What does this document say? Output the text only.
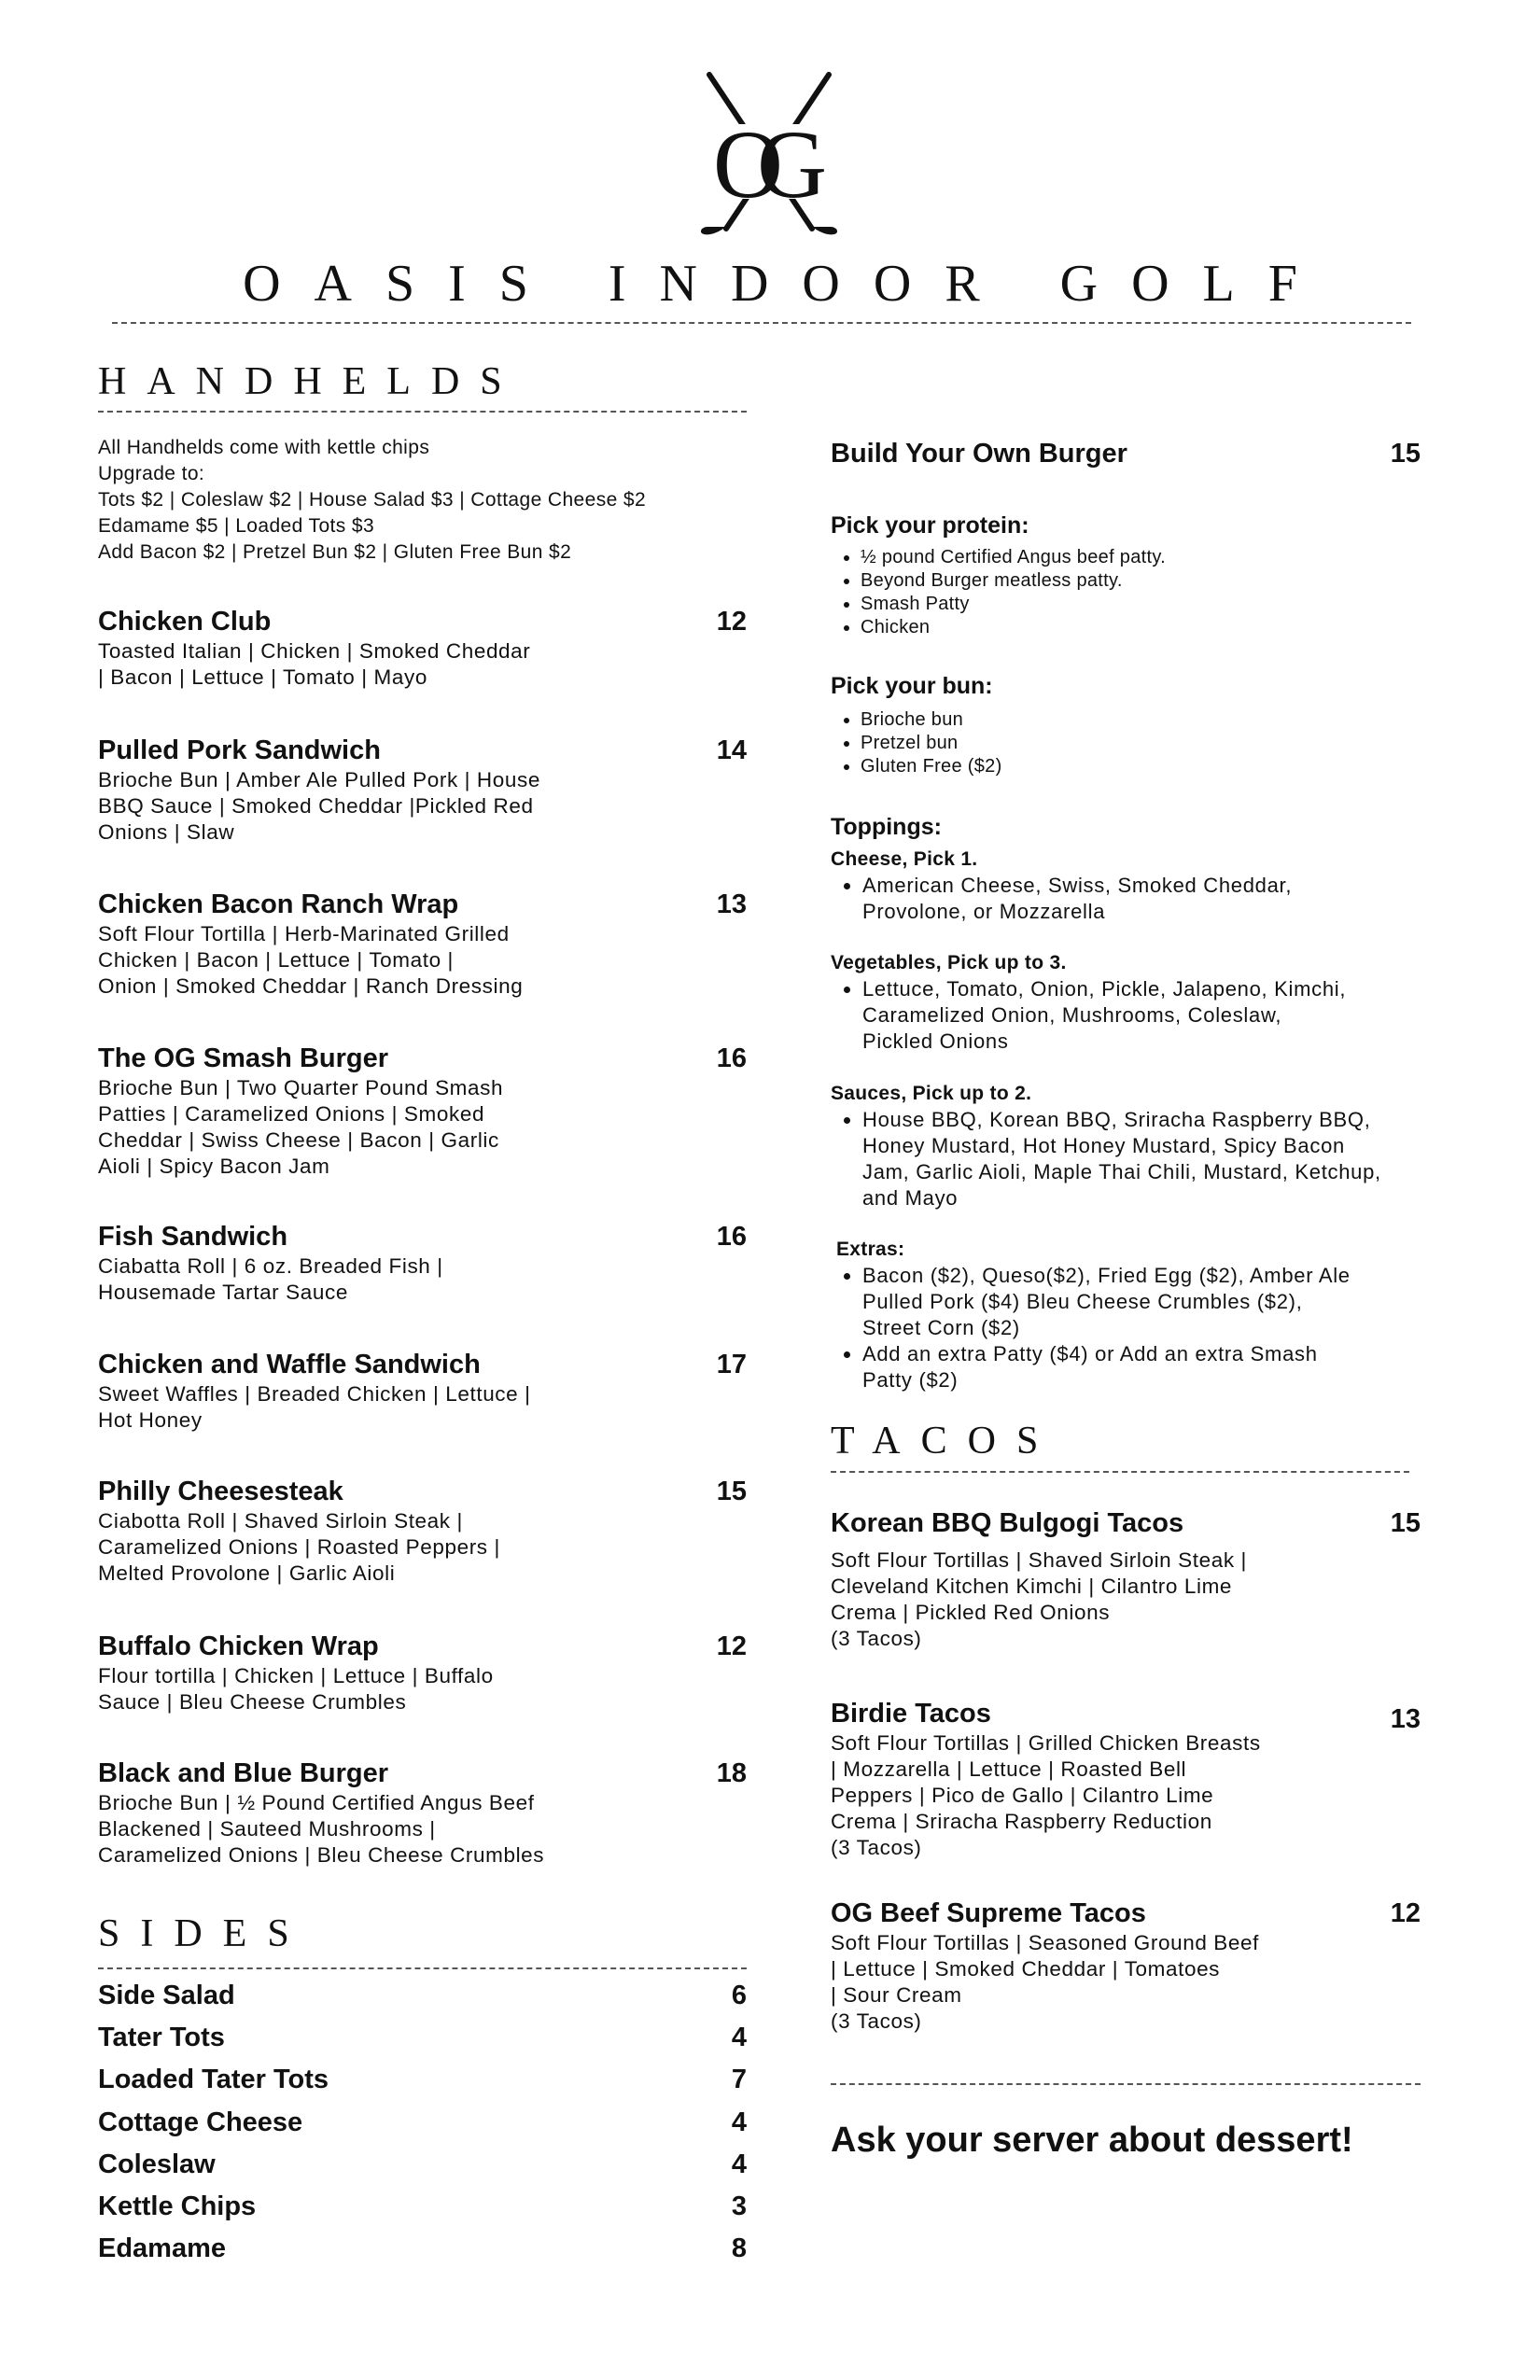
OG
OASIS INDOOR GOLF
HANDHELDS
All Handhelds come with kettle chips
Upgrade to:
Tots $2 | Coleslaw $2 | House Salad $3 | Cottage Cheese $2
Edamame $5 | Loaded Tots $3
Add Bacon $2 | Pretzel Bun $2 | Gluten Free Bun $2
Chicken Club	12
Toasted Italian | Chicken | Smoked Cheddar
| Bacon | Lettuce | Tomato | Mayo
Pulled Pork Sandwich	14
Brioche Bun | Amber Ale Pulled Pork | House
BBQ Sauce | Smoked Cheddar |Pickled Red
Onions | Slaw
Chicken Bacon Ranch Wrap	13
Soft Flour Tortilla | Herb-Marinated Grilled
Chicken | Bacon | Lettuce | Tomato |
Onion | Smoked Cheddar | Ranch Dressing
The OG Smash Burger	16
Brioche Bun | Two Quarter Pound Smash
Patties | Caramelized Onions | Smoked
Cheddar | Swiss Cheese | Bacon | Garlic
Aioli | Spicy Bacon Jam
Fish Sandwich	16
Ciabatta Roll | 6 oz. Breaded Fish |
Housemade Tartar Sauce
Chicken and Waffle Sandwich	17
Sweet Waffles | Breaded Chicken | Lettuce |
Hot Honey
Philly Cheesesteak	15
Ciabotta Roll | Shaved Sirloin Steak |
Caramelized Onions | Roasted Peppers |
Melted Provolone | Garlic Aioli
Buffalo Chicken Wrap	12
Flour tortilla | Chicken | Lettuce | Buffalo
Sauce | Bleu Cheese Crumbles
Black and Blue Burger	18
Brioche Bun | ½ Pound Certified Angus Beef
Blackened | Sauteed Mushrooms |
Caramelized Onions | Bleu Cheese Crumbles
SIDES
Side Salad	6
Tater Tots	4
Loaded Tater Tots	7
Cottage Cheese	4
Coleslaw	4
Kettle Chips	3
Edamame	8
Build Your Own Burger	15
Pick your protein:
• ½ pound Certified Angus beef patty.
• Beyond Burger meatless patty.
• Smash Patty
• Chicken
Pick your bun:
• Brioche bun
• Pretzel bun
• Gluten Free ($2)
Toppings:
Cheese, Pick 1.
• American Cheese, Swiss, Smoked Cheddar, Provolone, or Mozzarella
Vegetables, Pick up to 3.
• Lettuce, Tomato, Onion, Pickle, Jalapeno, Kimchi, Caramelized Onion, Mushrooms, Coleslaw, Pickled Onions
Sauces, Pick up to 2.
• House BBQ, Korean BBQ, Sriracha Raspberry BBQ, Honey Mustard, Hot Honey Mustard, Spicy Bacon Jam, Garlic Aioli, Maple Thai Chili, Mustard, Ketchup, and Mayo
Extras:
• Bacon ($2), Queso($2), Fried Egg ($2), Amber Ale Pulled Pork ($4) Bleu Cheese Crumbles ($2), Street Corn ($2)
• Add an extra Patty ($4) or Add an extra Smash Patty ($2)
TACOS
Korean BBQ Bulgogi Tacos	15
Soft Flour Tortillas | Shaved Sirloin Steak |
Cleveland Kitchen Kimchi | Cilantro Lime
Crema | Pickled Red Onions
(3 Tacos)
Birdie Tacos	13
Soft Flour Tortillas | Grilled Chicken Breasts
| Mozzarella | Lettuce | Roasted Bell
Peppers | Pico de Gallo | Cilantro Lime
Crema | Sriracha Raspberry Reduction
(3 Tacos)
OG Beef Supreme Tacos	12
Soft Flour Tortillas | Seasoned Ground Beef
| Lettuce | Smoked Cheddar | Tomatoes
| Sour Cream
(3 Tacos)
Ask your server about dessert!
